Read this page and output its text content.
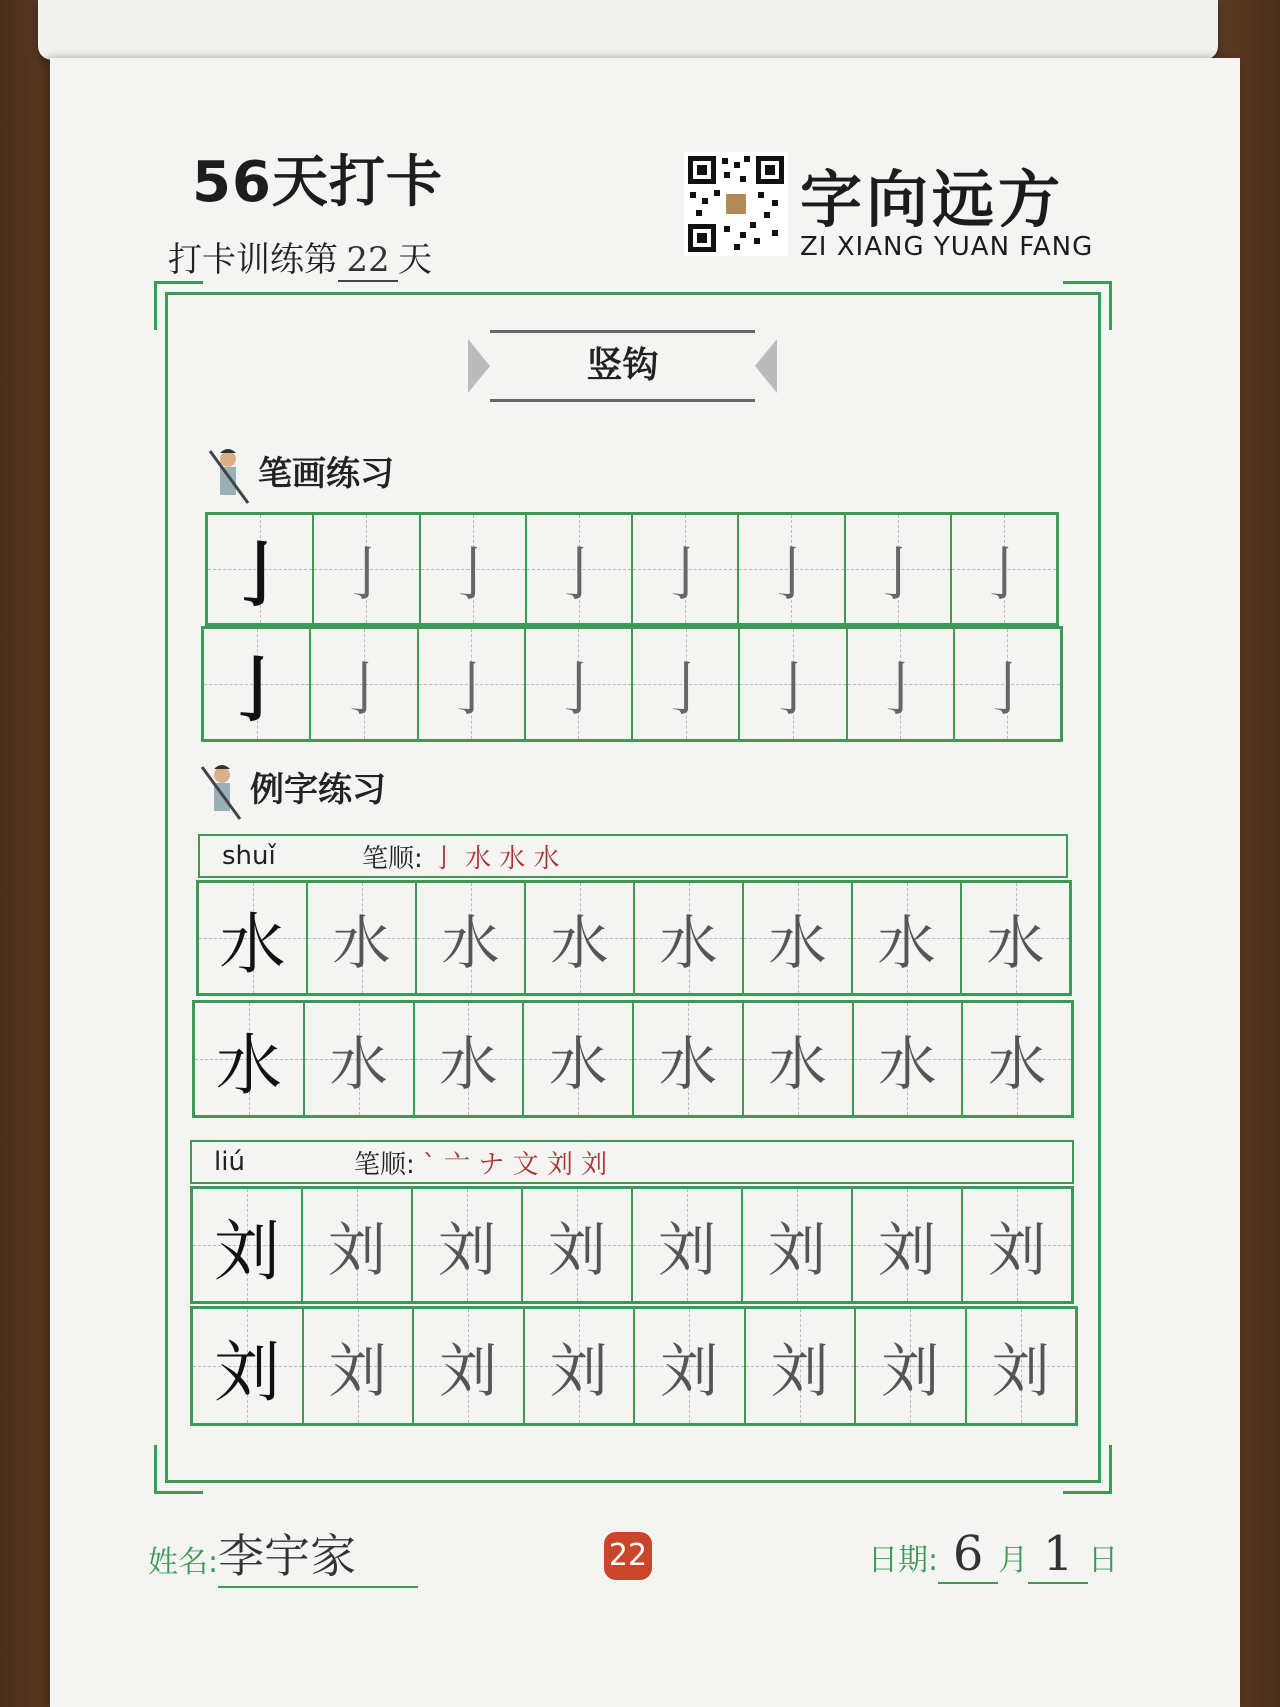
56天打卡
打卡训练第 22 天
字向远方
ZI XIANG YUAN FANG
竖钩
笔画练习
亅 亅 亅 亅 亅 亅 亅 亅
亅 亅 亅 亅 亅 亅 亅 亅
例字练习
shuǐ	笔顺: 亅 水 水 水
水 水 水 水 水 水 水 水
水 水 水 水 水 水 水 水
liú	笔顺: ` 亠 ナ 文 刘 刘
刘 刘 刘 刘 刘 刘 刘 刘
刘 刘 刘 刘 刘 刘 刘 刘
姓名:李宇家	22	日期: 6 月 1 日
